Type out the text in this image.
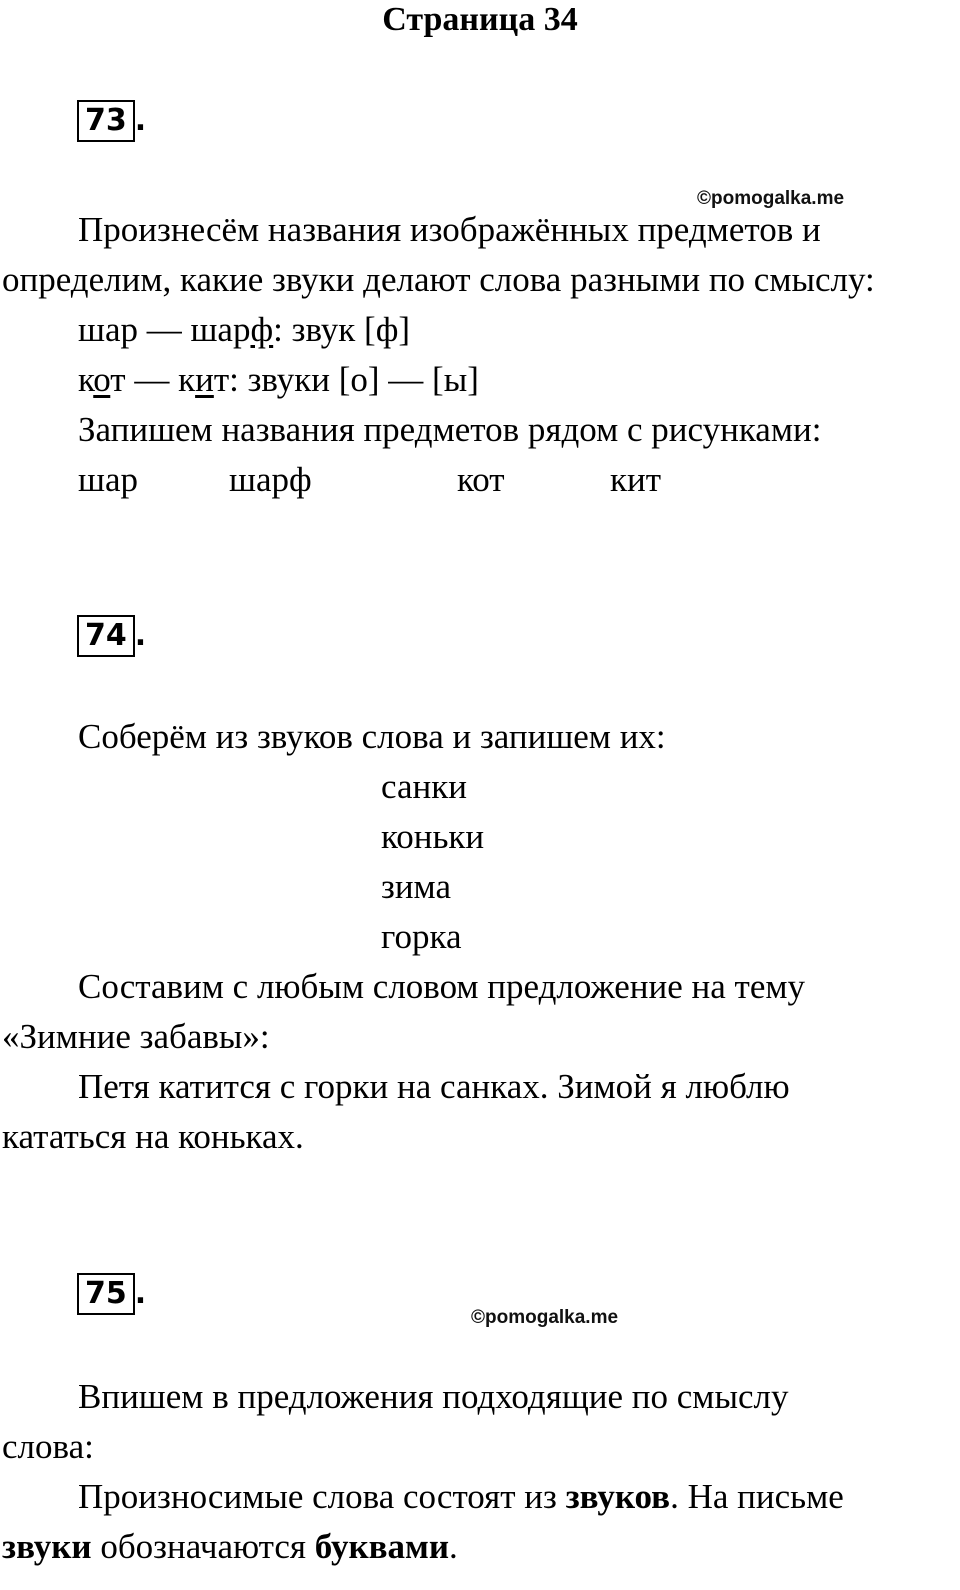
Страница 34
73 .
©pomogalka.me
Произнесём названия изображённых предметов и
определим, какие звуки делают слова разными по смыслу:
шар — шарф: звук [ф]
кот — кит: звуки [о] — [ы]
Запишем названия предметов рядом с рисунками:
шар	шарф	кот	кит
74 .
Соберём из звуков слова и запишем их:
санки
коньки
зима
горка
Составим с любым словом предложение на тему
«Зимние забавы»:
Петя катится с горки на санках. Зимой я люблю
кататься на коньках.
75 .
©pomogalka.me
Впишем в предложения подходящие по смыслу
слова:
Произносимые слова состоят из звуков. На письме
звуки обозначаются буквами.
